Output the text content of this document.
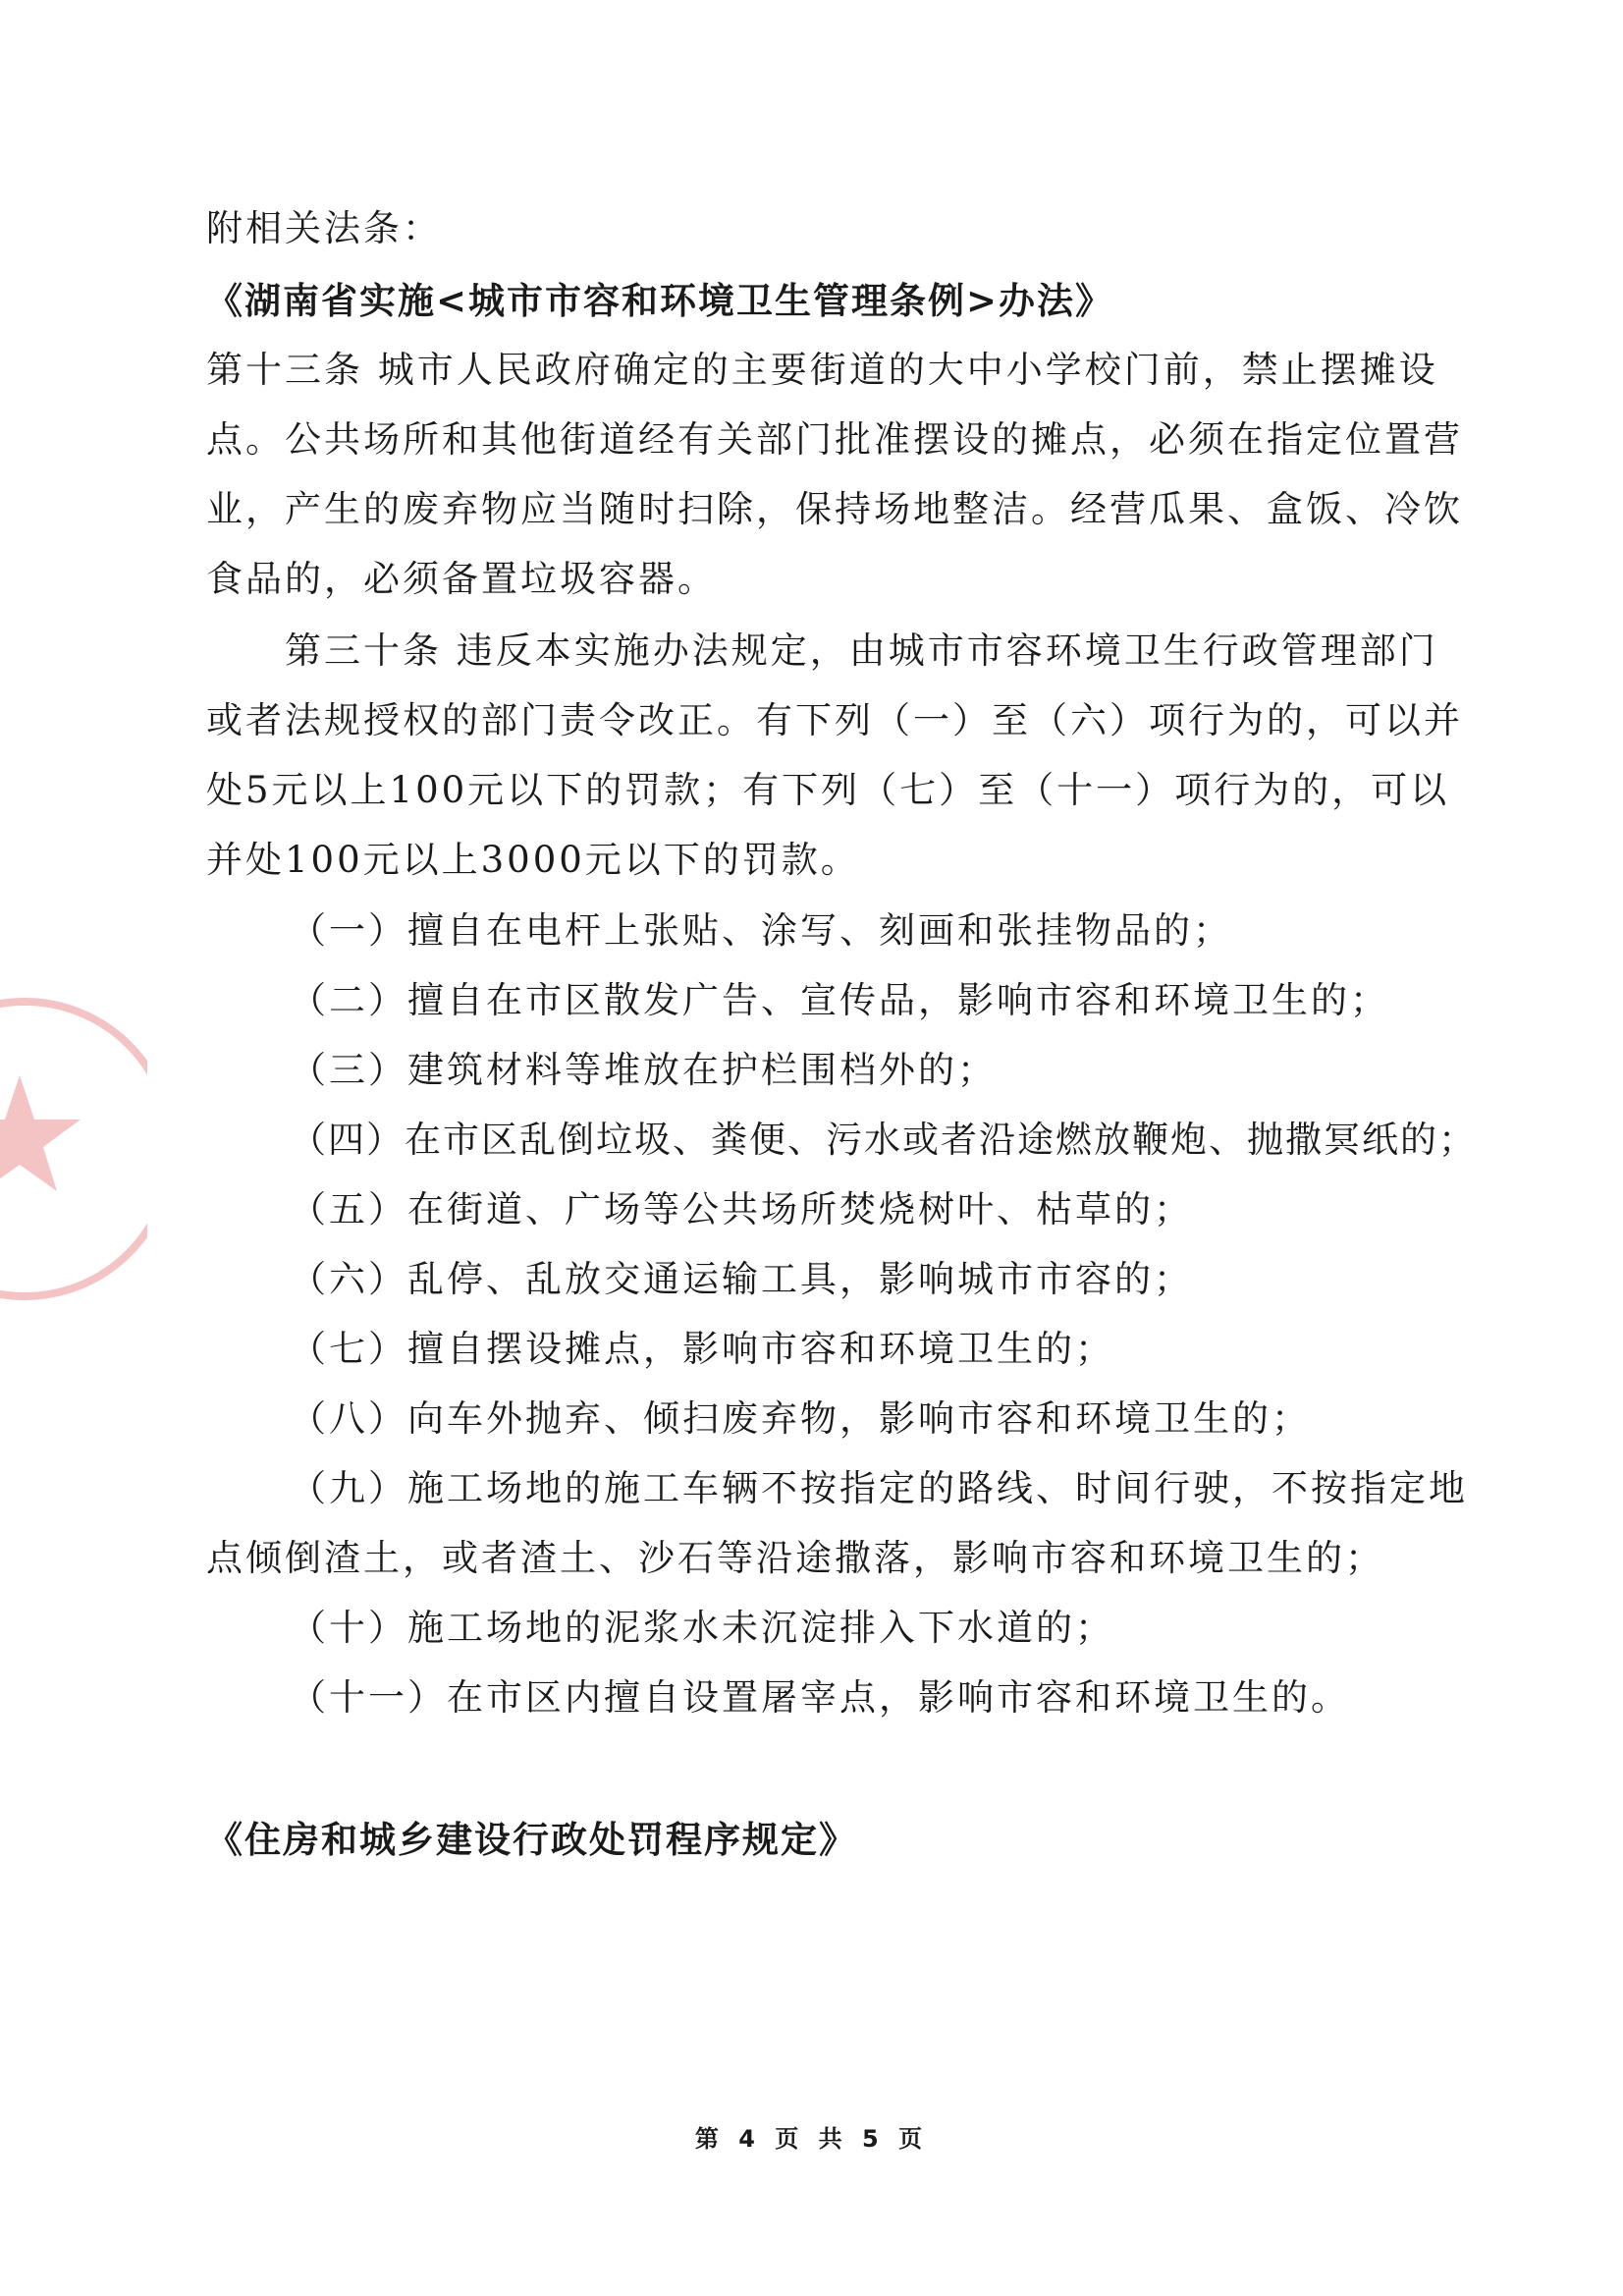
附相关法条：
《湖南省实施<城市市容和环境卫生管理条例>办法》
第十三条 城市人民政府确定的主要街道的大中小学校门前，禁止摆摊设
点。公共场所和其他街道经有关部门批准摆设的摊点，必须在指定位置营
业，产生的废弃物应当随时扫除，保持场地整洁。经营瓜果、盒饭、冷饮
食品的，必须备置垃圾容器。
第三十条 违反本实施办法规定，由城市市容环境卫生行政管理部门
或者法规授权的部门责令改正。有下列（一）至（六）项行为的，可以并
处5元以上100元以下的罚款；有下列（七）至（十一）项行为的，可以
并处100元以上3000元以下的罚款。
（一）擅自在电杆上张贴、涂写、刻画和张挂物品的；
（二）擅自在市区散发广告、宣传品，影响市容和环境卫生的；
（三）建筑材料等堆放在护栏围档外的；
（四）在市区乱倒垃圾、粪便、污水或者沿途燃放鞭炮、抛撒冥纸的；
（五）在街道、广场等公共场所焚烧树叶、枯草的；
（六）乱停、乱放交通运输工具，影响城市市容的；
（七）擅自摆设摊点，影响市容和环境卫生的；
（八）向车外抛弃、倾扫废弃物，影响市容和环境卫生的；
（九）施工场地的施工车辆不按指定的路线、时间行驶，不按指定地
点倾倒渣土，或者渣土、沙石等沿途撒落，影响市容和环境卫生的；
（十）施工场地的泥浆水未沉淀排入下水道的；
（十一）在市区内擅自设置屠宰点，影响市容和环境卫生的。
《住房和城乡建设行政处罚程序规定》
第 4 页 共 5 页
